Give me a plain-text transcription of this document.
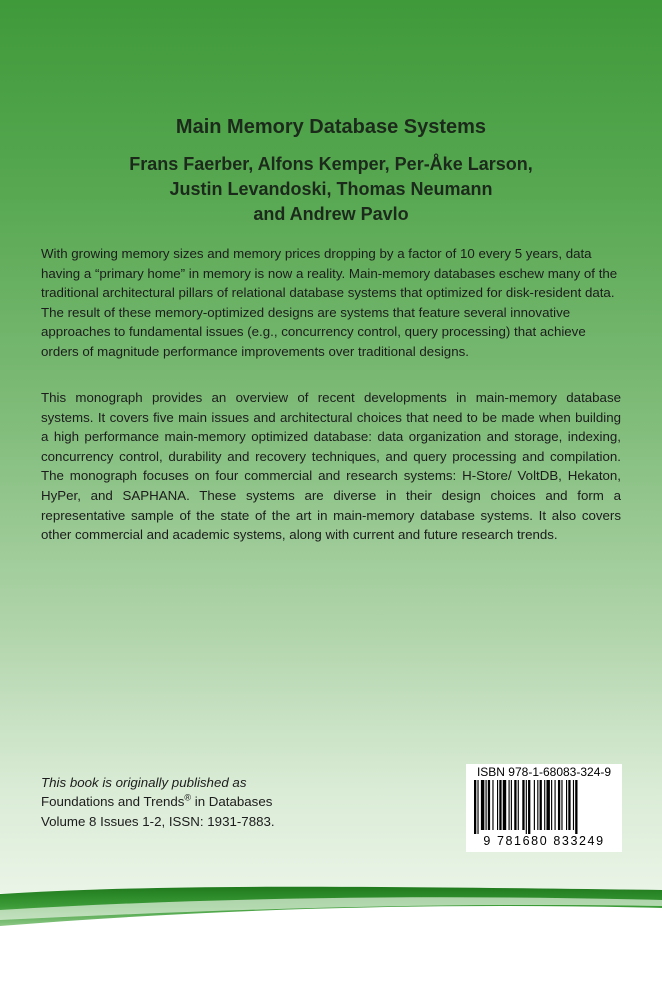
Main Memory Database Systems
Frans Faerber, Alfons Kemper, Per-Åke Larson,
Justin Levandoski, Thomas Neumann
and Andrew Pavlo

With growing memory sizes and memory prices dropping by a factor of 10 every 5 years, data having a “primary home” in memory is now a reality. Main-memory databases eschew many of the traditional architectural pillars of relational database systems that optimized for disk-resident data. The result of these memory-optimized designs are systems that feature several innovative approaches to fundamental issues (e.g., concurrency control, query processing) that achieve orders of magnitude performance improvements over traditional designs.

This monograph provides an overview of recent developments in main-memory database systems. It covers five main issues and architectural choices that need to be made when building a high performance main-memory optimized database: data organization and storage, indexing, concurrency control, durability and recovery techniques, and query processing and compilation. The monograph focuses on four commercial and research systems: H-Store/ VoltDB, Hekaton, HyPer, and SAPHANA. These systems are diverse in their design choices and form a representative sample of the state of the art in main-memory database systems. It also covers other commercial and academic systems, along with current and future research trends.

This book is originally published as
Foundations and Trends® in Databases
Volume 8 Issues 1-2, ISSN: 1931-7883.
ISBN 978-1-68083-324-9
9 781680 833249
